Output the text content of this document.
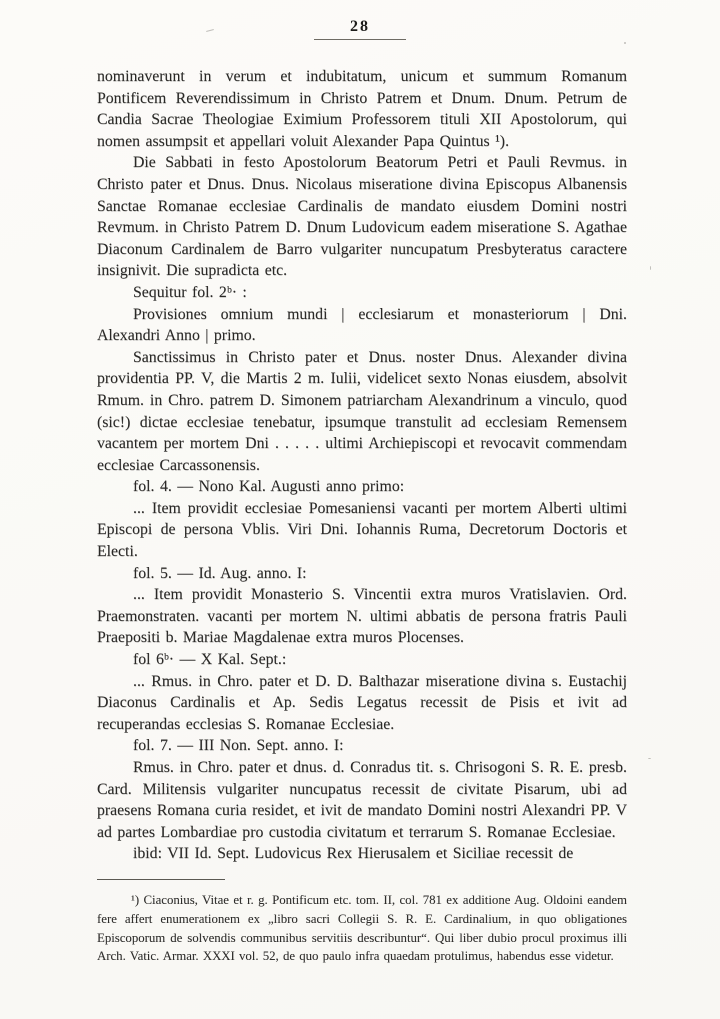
28

nominaverunt in verum et indubitatum, unicum et summum Romanum Pontificem Reverendissimum in Christo Patrem et Dnum. Dnum. Petrum de Candia Sacrae Theologiae Eximium Professorem tituli XII Apostolorum, qui nomen assumpsit et appellari voluit Alexander Papa Quintus ¹).

Die Sabbati in festo Apostolorum Beatorum Petri et Pauli Revmus. in Christo pater et Dnus. Dnus. Nicolaus miseratione divina Episcopus Albanensis Sanctae Romanae ecclesiae Cardinalis de mandato eiusdem Domini nostri Revmum. in Christo Patrem D. Dnum Ludovicum eadem miseratione S. Agathae Diaconum Cardinalem de Barro vulgariter nuncupatum Presbyteratus caractere insignivit. Die supradicta etc.

Sequitur fol. 2ᵇ· :

Provisiones omnium mundi | ecclesiarum et monasteriorum | Dni. Alexandri Anno | primo.

Sanctissimus in Christo pater et Dnus. noster Dnus. Alexander divina providentia PP. V, die Martis 2 m. Iulii, videlicet sexto Nonas eiusdem, absolvit Rmum. in Chro. patrem D. Simonem patriarcham Alexandrinum a vinculo, quod (sic!) dictae ecclesiae tenebatur, ipsumque transtulit ad ecclesiam Remensem vacantem per mortem Dni . . . . . ultimi Archiepiscopi et revocavit commendam ecclesiae Carcassonensis.

fol. 4. — Nono Kal. Augusti anno primo:

... Item providit ecclesiae Pomesaniensi vacanti per mortem Alberti ultimi Episcopi de persona Vblis. Viri Dni. Iohannis Ruma, Decretorum Doctoris et Electi.

fol. 5. — Id. Aug. anno. I:

... Item providit Monasterio S. Vincentii extra muros Vratislavien. Ord. Praemonstraten. vacanti per mortem N. ultimi abbatis de persona fratris Pauli Praepositi b. Mariae Magdalenae extra muros Plocenses.

fol 6ᵇ· — X Kal. Sept.:

... Rmus. in Chro. pater et D. D. Balthazar miseratione divina s. Eustachij Diaconus Cardinalis et Ap. Sedis Legatus recessit de Pisis et ivit ad recuperandas ecclesias S. Romanae Ecclesiae.

fol. 7. — III Non. Sept. anno. I:

Rmus. in Chro. pater et dnus. d. Conradus tit. s. Chrisogoni S. R. E. presb. Card. Militensis vulgariter nuncupatus recessit de civitate Pisarum, ubi ad praesens Romana curia residet, et ivit de mandato Domini nostri Alexandri PP. V ad partes Lombardiae pro custodia civitatum et terrarum S. Romanae Ecclesiae.

ibid: VII Id. Sept. Ludovicus Rex Hierusalem et Siciliae recessit de

¹) Ciaconius, Vitae et r. g. Pontificum etc. tom. II, col. 781 ex additione Aug. Oldoini eandem fere affert enumerationem ex „libro sacri Collegii S. R. E. Cardinalium, in quo obligationes Episcoporum de solvendis communibus servitiis describuntur“. Qui liber dubio procul proximus illi Arch. Vatic. Armar. XXXI vol. 52, de quo paulo infra quaedam protulimus, habendus esse videtur.
